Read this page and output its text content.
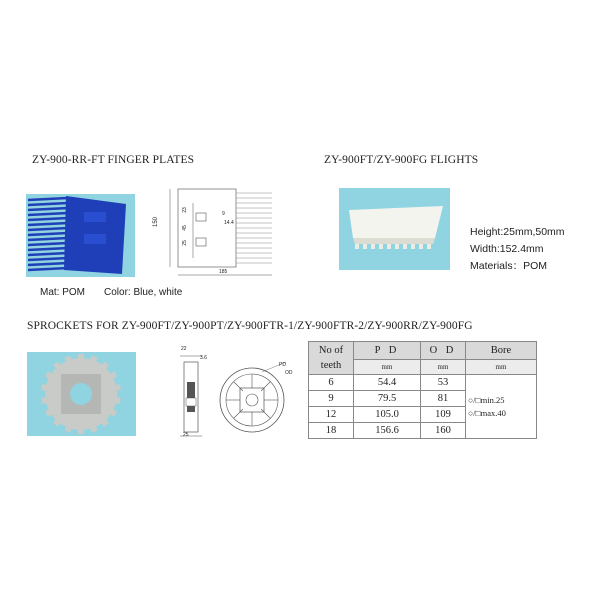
ZY-900-RR-FT FINGER PLATES
150
23
45
25
9
14.4
185
Mat: POM Color: Blue, white
ZY-900FT/ZY-900FG FLIGHTS
Height:25mm,50mm
Width:152.4mm
Materials：POM
SPROCKETS FOR ZY-900FT/ZY-900PT/ZY-900FTR-1/ZY-900FTR-2/ZY-900RR/ZY-900FG
22
3.6
25
PD
OD
No of teeth	P D	O D	Bore
	mm	mm	mm
6	54.4	53	○/□min.25
○/□max.40

9	79.5	81	
12	105.0	109	
18	156.6	160	
